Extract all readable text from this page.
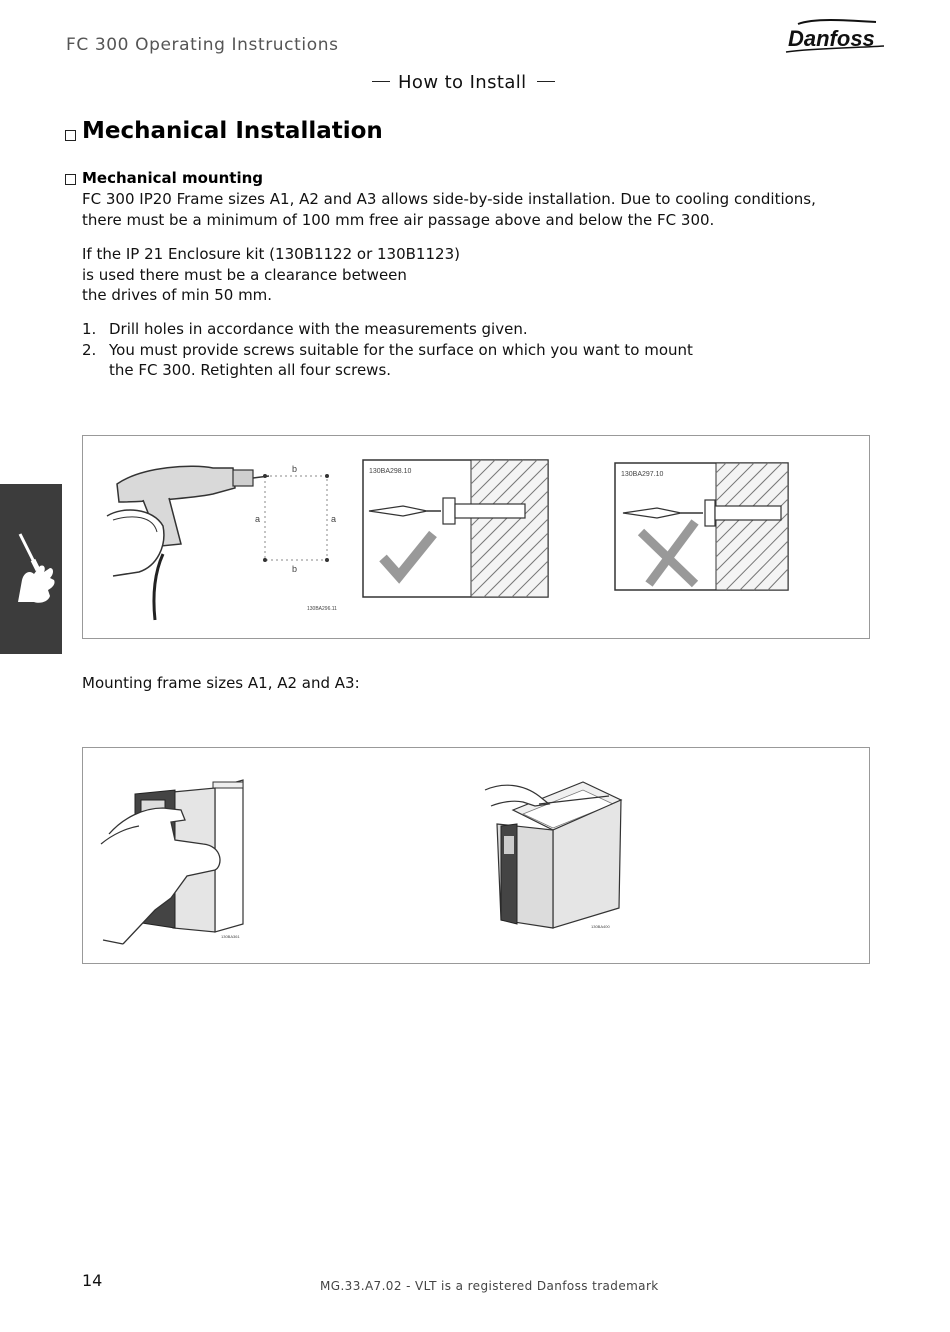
FC 300 Operating Instructions	Danfoss
How to Install
Mechanical Installation
Mechanical mounting
FC 300 IP20 Frame sizes A1, A2 and A3 allows side-by-side installation. Due to cooling conditions,
there must be a minimum of 100 mm free air passage above and below the FC 300.
If the IP 21 Enclosure kit (130B1122 or 130B1123)
is used there must be a clearance between
the drives of min 50 mm.
1. Drill holes in accordance with the measurements given.
2. You must provide screws suitable for the surface on which you want to mount
the FC 300. Retighten all four screws.
b
b
a	a
130BA296.11
130BA298.10	130BA297.10
Mounting frame sizes A1, A2 and A3:
130BA361
130BA400
14	MG.33.A7.02 - VLT is a registered Danfoss trademark
